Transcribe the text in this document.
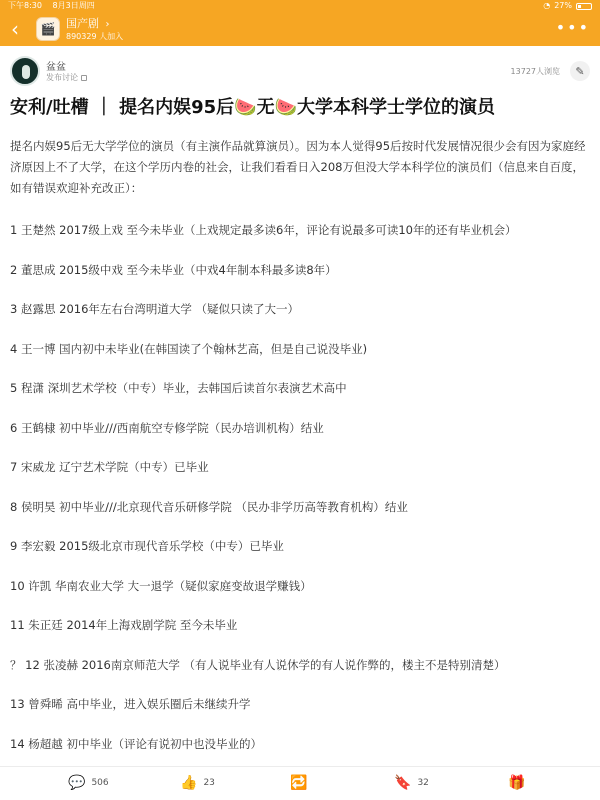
下午8:30 8月3日周四	◔ 27%
‹	🎬 国产剧 ›
890329 人加入	•••
盆盆
发布讨论
13727人浏览 ✎
安利/吐槽 ｜ 提名内娱95后🍉无🍉大学本科学士学位的演员
提名内娱95后无大学学位的演员（有主演作品就算演员）。因为本人觉得95后按时代发展情况很少会有因为家庭经济原因上不了大学，在这个学历内卷的社会，让我们看看日入208万但没大学本科学位的演员们（信息来自百度，如有错误欢迎补充改正）：
1 王楚然 2017级上戏 至今未毕业（上戏规定最多读6年，评论有说最多可读10年的还有毕业机会）
2 董思成 2015级中戏 至今未毕业（中戏4年制本科最多读8年）
3 赵露思 2016年左右台湾明道大学 （疑似只读了大一）
4 王一博 国内初中未毕业(在韩国读了个翰林艺高，但是自己说没毕业)
5 程潇 深圳艺术学校（中专）毕业，去韩国后读首尔表演艺术高中
6 王鹤棣 初中毕业///西南航空专修学院（民办培训机构）结业
7 宋威龙 辽宁艺术学院（中专）已毕业
8 侯明昊 初中毕业///北京现代音乐研修学院 （民办非学历高等教育机构）结业
9 李宏毅 2015级北京市现代音乐学校（中专）已毕业
10 许凯 华南农业大学 大一退学（疑似家庭变故退学赚钱）
11 朱正廷 2014年上海戏剧学院 至今未毕业
？ 12 张凌赫 2016南京师范大学 （有人说毕业有人说休学的有人说作弊的，楼主不是特别清楚）
13 曾舜晞 高中毕业，进入娱乐圈后未继续升学
14 杨超越 初中毕业（评论有说初中也没毕业的）
💬 506	👍 23	🔁	🔖 32	🎁
